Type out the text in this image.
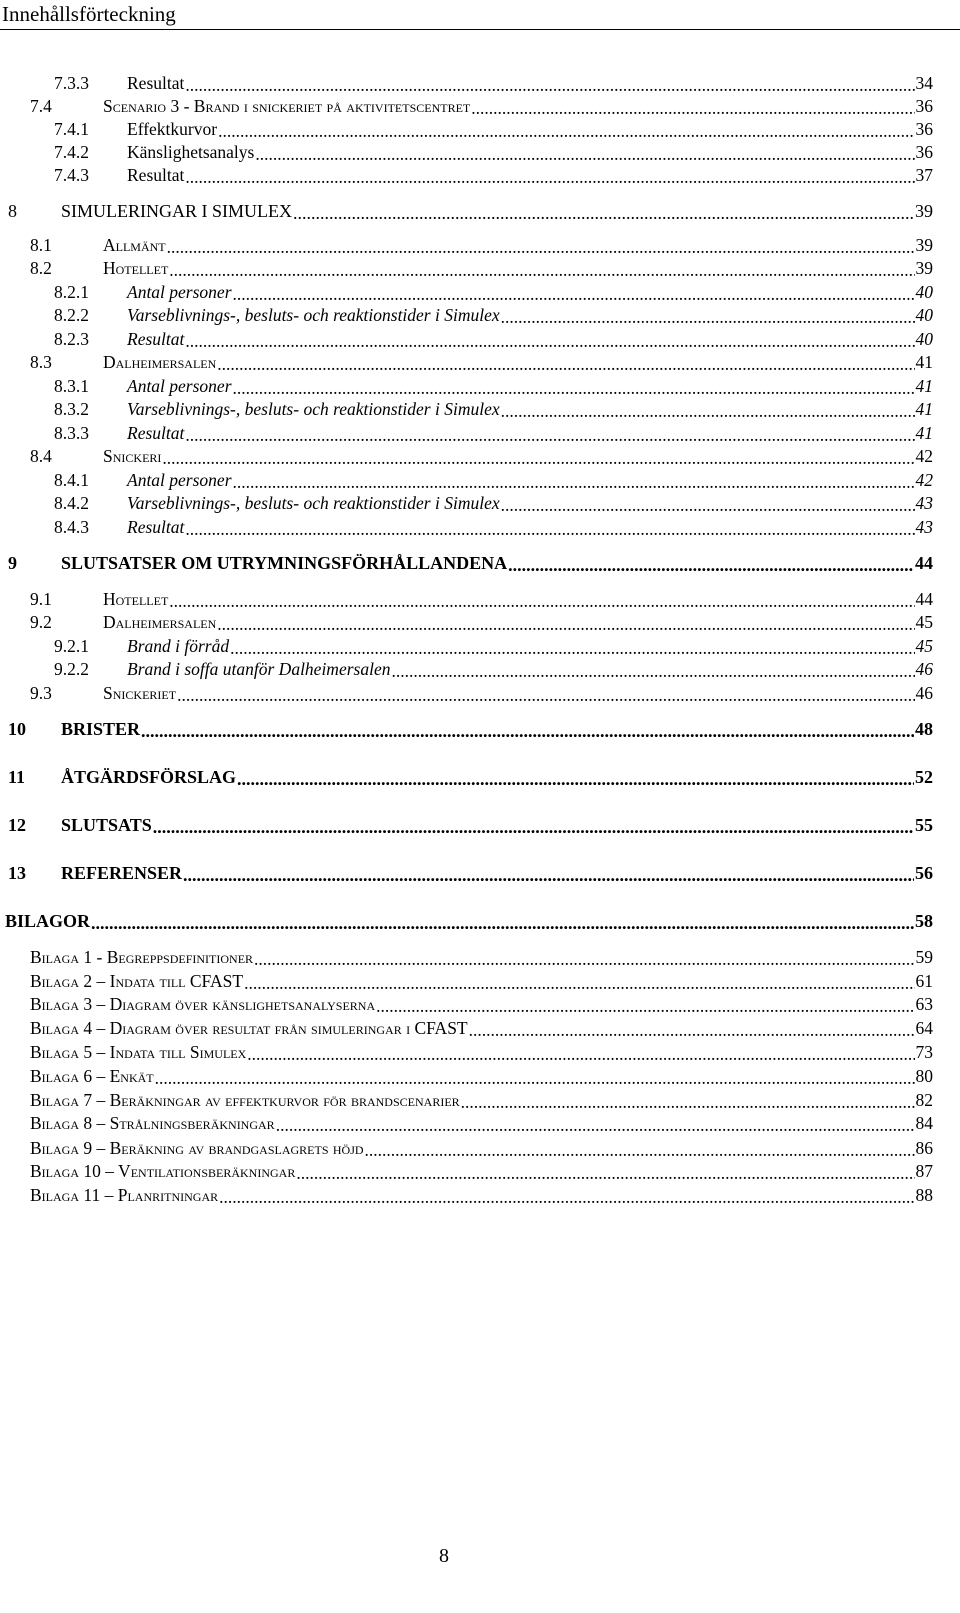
Innehållsförteckning
7.3.3	Resultat .....	34
7.4	Scenario 3 - Brand i snickeriet på aktivitetscentret .....	36
7.4.1	Effektkurvor .....	36
7.4.2	Känslighetsanalys .....	36
7.4.3	Resultat .....	37
8	SIMULERINGAR I SIMULEX .....	39
8.1	Allmänt .....	39
8.2	Hotellet .....	39
8.2.1	Antal personer .....	40
8.2.2	Varseblivnings-, besluts- och reaktionstider i Simulex .....	40
8.2.3	Resultat .....	40
8.3	Dalheimersalen .....	41
8.3.1	Antal personer .....	41
8.3.2	Varseblivnings-, besluts- och reaktionstider i Simulex .....	41
8.3.3	Resultat .....	41
8.4	Snickeri .....	42
8.4.1	Antal personer .....	42
8.4.2	Varseblivnings-, besluts- och reaktionstider i Simulex .....	43
8.4.3	Resultat .....	43
9	SLUTSATSER OM UTRYMNINGSFÖRHÅLLANDENA .....	44
9.1	Hotellet .....	44
9.2	Dalheimersalen .....	45
9.2.1	Brand i förråd .....	45
9.2.2	Brand i soffa utanför Dalheimersalen .....	46
9.3	Snickeriet .....	46
10	BRISTER .....	48
11	ÅTGÄRDSFÖRSLAG .....	52
12	SLUTSATS .....	55
13	REFERENSER .....	56
BILAGOR .....	58
Bilaga 1 - Begreppsdefinitioner .....	59
Bilaga 2 – Indata till CFAST .....	61
Bilaga 3 – Diagram över känslighetsanalyserna .....	63
Bilaga 4 – Diagram över resultat från simuleringar i CFAST .....	64
Bilaga 5 – Indata till Simulex .....	73
Bilaga 6 – Enkät .....	80
Bilaga 7 – Beräkningar av effektkurvor för brandscenarier .....	82
Bilaga 8 – Strålningsberäkningar .....	84
Bilaga 9 – Beräkning av brandgaslagrets höjd .....	86
Bilaga 10 – Ventilationsberäkningar .....	87
Bilaga 11 – Planritningar .....	88
8
